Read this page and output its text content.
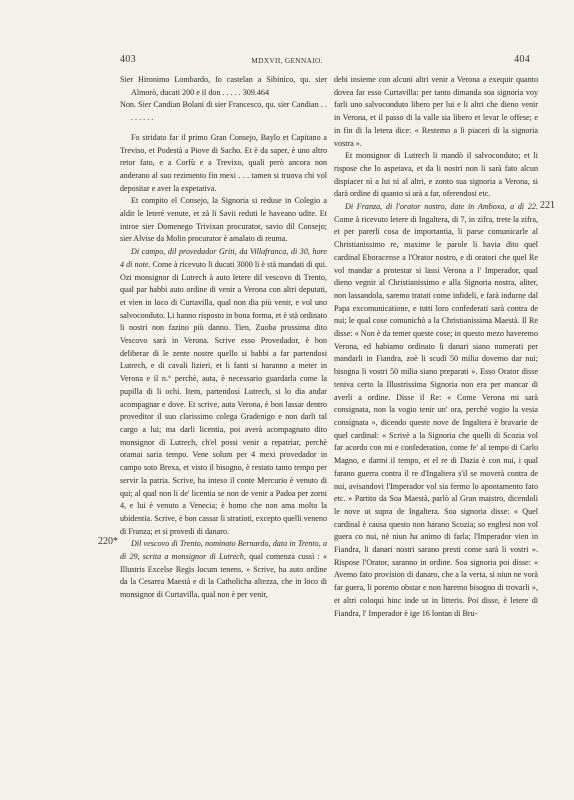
403	MDXVII, GENNAIO.	404
220*
221

Sier Hironimo Lombardo, fo castelan a Sibinico, qu. sier Almorò, ducati 200 e il don . . . . . 309.464

Non. Sier Candian Bolani di sier Francesco, qu. sier Candian . . . . . . . .

Fo stridato far il primo Gran Consejo, Baylo et Capitano a Treviso, et Podestà a Piove di Sacho. Et è da saper, è uno altro retor fato, e a Corfù e a Trevixo, quali però ancora non anderano al suo rezimento fin mexi . . . tamen si truova chi vol depositar e aver la expetativa.

Et compito el Consejo, la Signoria si reduse in Colegio a aldir le leteré venute, et zà li Savii reduti le haveano udite. Et introe sier Domenego Trivixan procurator, savio dil Consejo; sier Alvise da Molin procurator è amalato di reuma.

Di campo, dil provedador Griti, da Villafranca, di 30, hore 4 di note. Come à ricevuto li ducati 3000 li è stà mandati di qui. Ozi monsignor di Lutrech à auto letere dil vescovo di Trento, qual par habbi auto ordine di venir a Verona con altri deputati, et vien in loco di Curtavilla, qual non dia più venir, e vol uno salvoconduto. Li hanno risposto in bona forma, et è stà ordinato li nostri non fazino più danno. Tien, Zuoba prossima dito Vescovo sarà in Verona. Scrive esso Provedador, è bon deliberar di le zente nostre quello si habbi a far partendosi Lutrech, e di cavali lizieri, et li fanti si haranno a meter in Verona e il n.° perchè, auta, è necessario guardarla come la pupilla di li ochi. Item, partendosi Lutrech, si lo dia andar acompagnar e dove. Et scrive, auta Verona, è bon lassar dentro proveditor il suo clarissimo colega Gradenigo e non darli tal cargo a lui; ma darli licentia, poi averà acompagnato dito monsignor di Lutrech, ch'el possi venir a repatriar, perchè oramai saria tempo. Vene solum per 4 mexi provedador in campo soto Brexa, et visto il bisogno, è restato tanto tempo per servir la patria. Scrive, ha inteso il conte Mercurio è venuto di qui; al qual non li de' licentia se non de venir a Padoa per zorni 4, e lui è venuto a Venecia; è homo che non ama molto la ubidentia. Scrive, è bon cassar li stratioti, excepto quelli veneno di Franza; et si provedi di danaro.

Dil vescovo di Trento, nominato Bernardo, data in Trento, a dì 29, scrita a monsignor di Lutrech, qual comenza cussì : « Illustris Excelse Regis locum tenens. » Scrive, ha auto ordine da la Cesarea Maestà e di la Catholicha altezza, che in loco di monsignor di Curtavilla, qual non è per venir,

debi insieme con alcuni altri venir a Verona a exequir quanto dovea far esso Curtavilla: per tanto dimanda soa signoria voy farli uno salvoconduto libero per lui e li altri che dieno venir in Verona, et il passo di la valle sia libero et levar le offese; e in fin di la letera dice: « Restemo a li piaceri di la signoria vostra ».

Et monsignor di Lutrech li mandò il salvoconduto; et li rispose che lo aspetava, et da li nostri non li sarà fato alcun dispiacer nì a lui nì al altri, e zonto sua signoria a Verona, si darà ordine di quanto si arà a far, oferendosi etc.

Di Franza, di l'orator nostro, date in Amboxa, a dì 22. Come à ricevuto letere di Ingaltera, di 7, in zifra, trete la zifra, et per parerli cosa de importantia, li parse comunicarle al Christianissimo re, maxime le parole li havia dito quel cardinal Eboracense a l'Orator nostro, e di oratori che quel Re vol mandar a protestar si lassi Verona a l' Imperador, qual dieno vegnir al Christianissimo e alla Signoria nostra, aliter, non lassandola, saremo tratati come infideli, e farà indurne dal Papa excomunicatione, e tutti loro confederati sarà contra de nui; le qual cose comunichò a la Christianissima Maestà. Il Re disse: « Non è da temer queste cose; in questo mezo haveremo Verona, ed habiamo ordinato li danari siano numerati per mandarli in Fiandra, zoè li scudi 50 milia dovemo dar nui; bisogna li vostri 50 milia siano preparati ». Esso Orator disse teniva certo la Illustrissima Signoria non era per mancar di averli a ordine. Disse il Re: « Come Verona mi sarà consignata, non la vogio tenir un' ora, perchè vogio la vesia consignata », dicendo queste nove de Ingaltera è bravarie de quel cardinal: « Scrivè a la Signoria che quelli di Scozia vol far acordo con mi e confederation, come fe' al tempo di Carlo Magno, e darmi il tempo, et el re di Dazia è con nui, i qual farano guerra contra il re d'Ingaltera s'il se moverà contra de nui, avisandovi l'Imperador vol sia fermo lo apontamento fato etc. » Partito da Soa Maestà, parlò al Gran maistro, dicendoli le nove ut supra de Ingaltera. Soa signoria disse: « Quel cardinal è causa questo non harano Scozia; so englesi non vol guera co nui, nè niun ha animo di farla; l'Imperador vien in Fiandra, li danari nostri sarano presti come sarà li vostri ». Rispose l'Orator, saranno in ordine. Soa signoria poi disse: « Avemo fato provision di danaro, che a la verta, si niun ne vorà far guera, li poremo obstar e non haremo bisogno di trovarli », et altri coloqui hinc inde ut in litteris. Poi disse, è letere di Fiandra, l' Imperador è ige 16 lontan di Bru-
